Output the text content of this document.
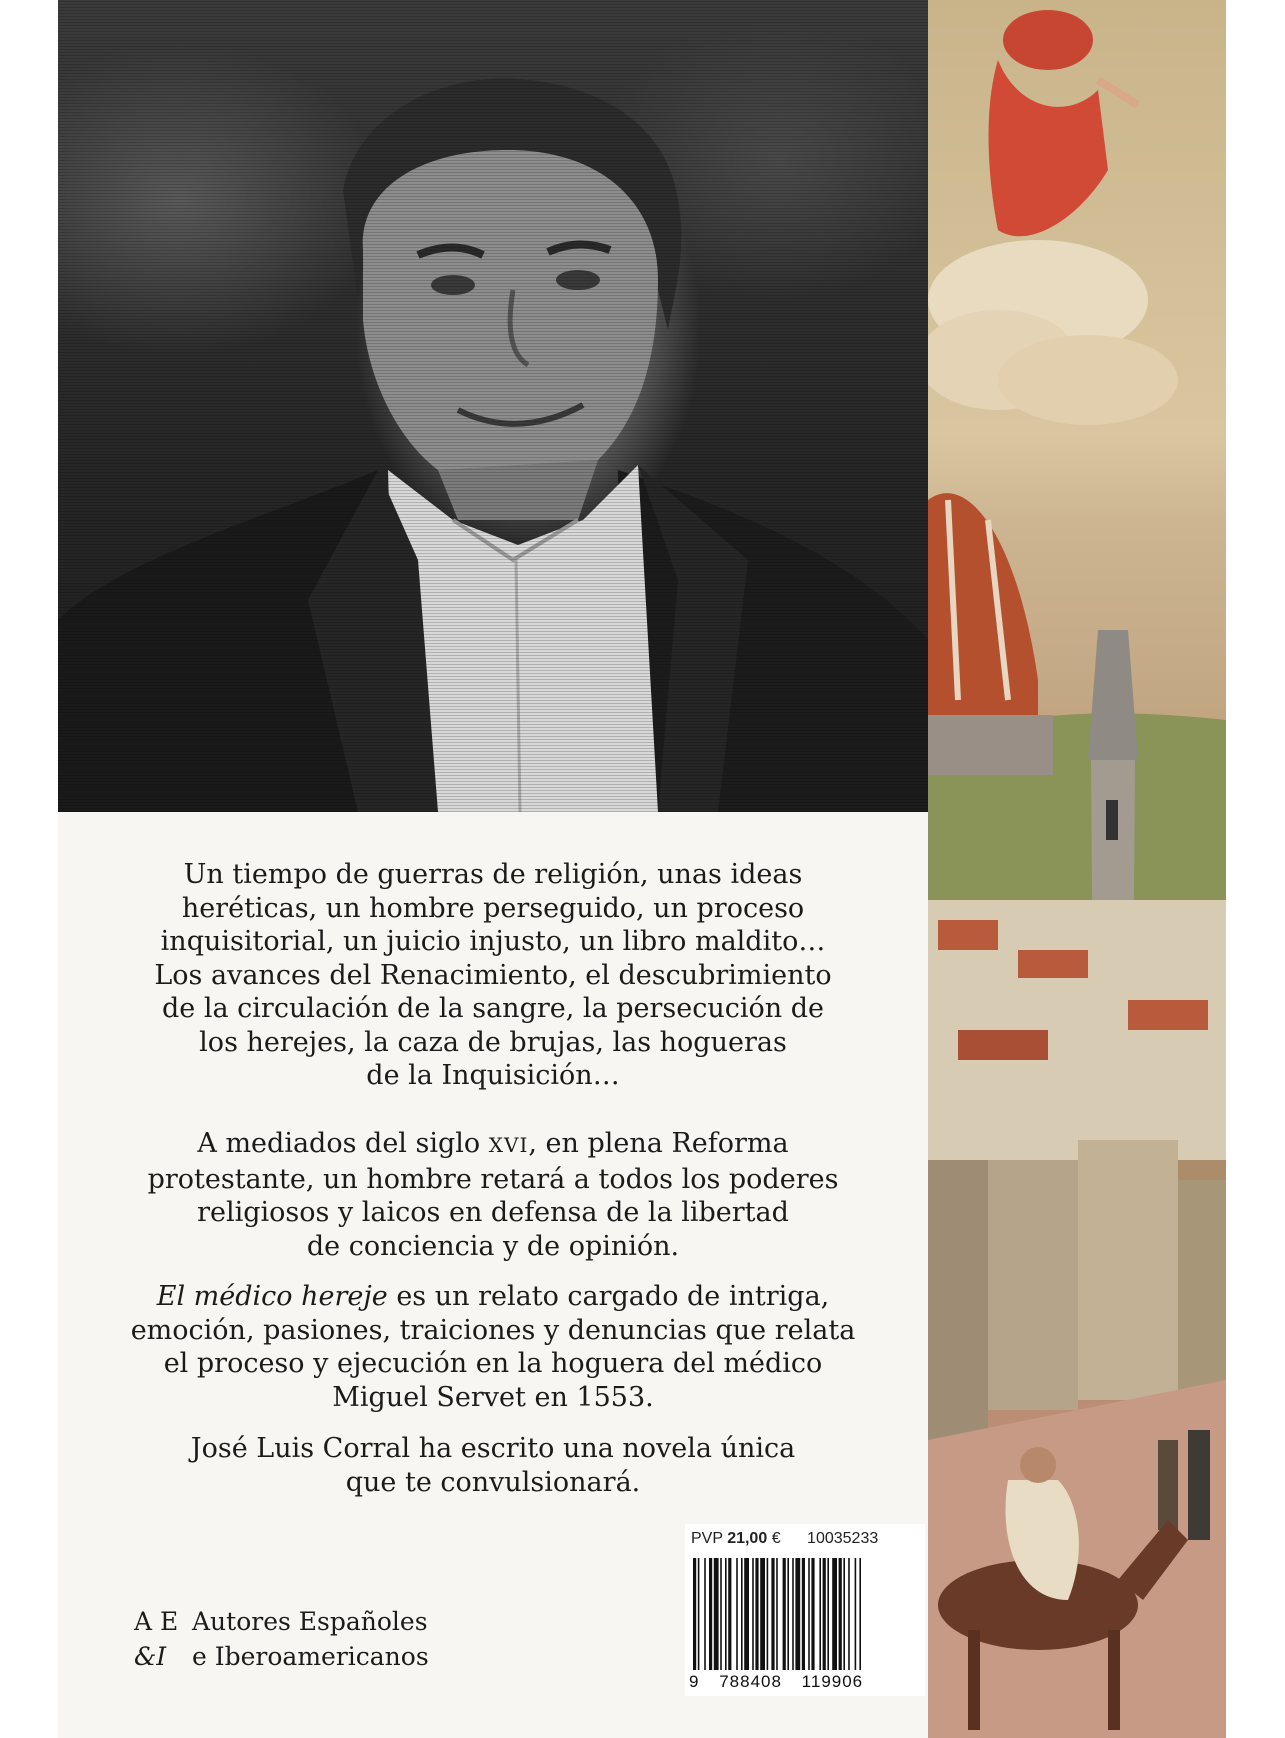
Un tiempo de guerras de religión, unas ideas
heréticas, un hombre perseguido, un proceso
inquisitorial, un juicio injusto, un libro maldito…
Los avances del Renacimiento, el descubrimiento
de la circulación de la sangre, la persecución de
los herejes, la caza de brujas, las hogueras
de la Inquisición…

A mediados del siglo XVI, en plena Reforma
protestante, un hombre retará a todos los poderes
religiosos y laicos en defensa de la libertad
de conciencia y de opinión.

El médico hereje es un relato cargado de intriga,
emoción, pasiones, traiciones y denuncias que relata
el proceso y ejecución en la hoguera del médico
Miguel Servet en 1553.

José Luis Corral ha escrito una novela única
que te convulsionará.

A E
&I
Autores Españoles
e Iberoamericanos
PVP 21,00 € 10035233
9 788408 119906
